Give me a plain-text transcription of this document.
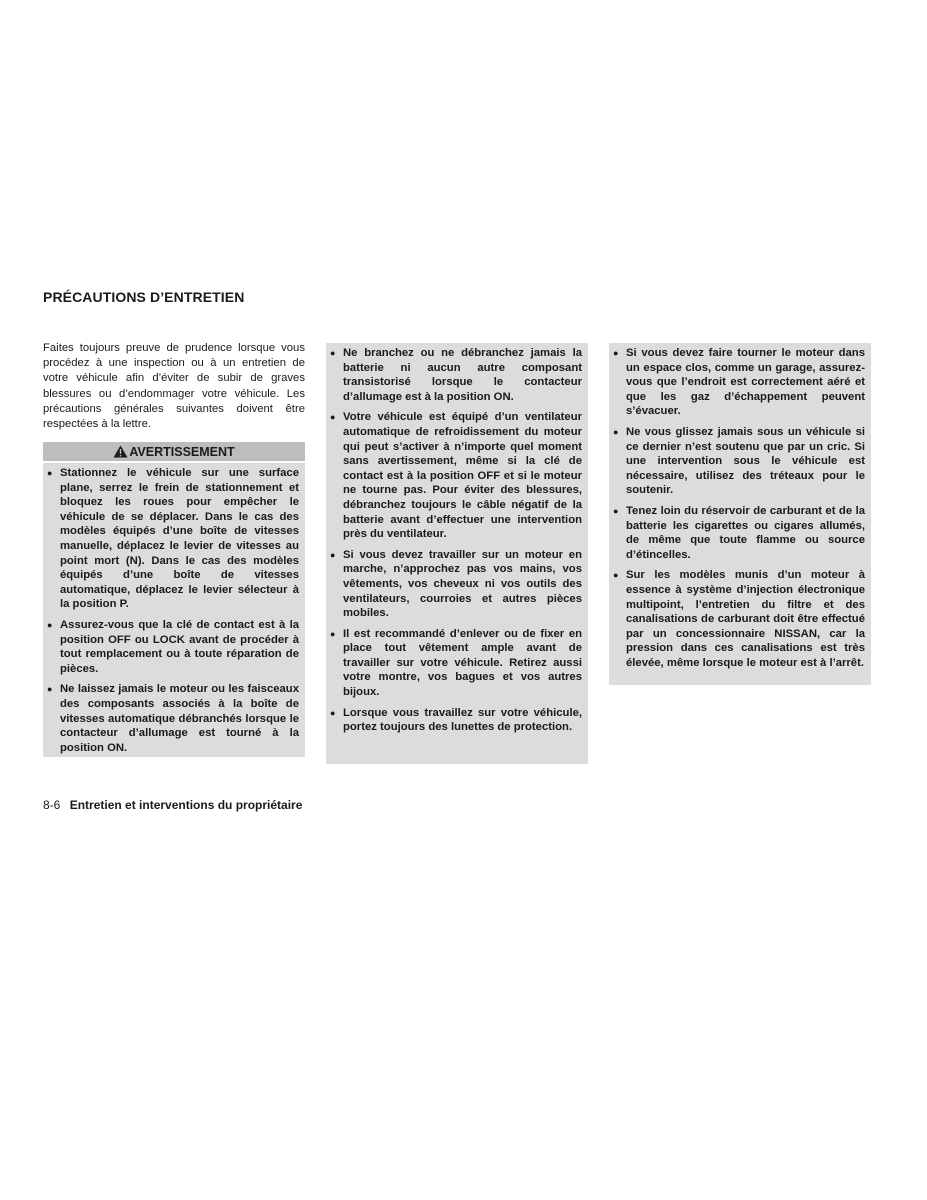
PRÉCAUTIONS D’ENTRETIEN

Faites toujours preuve de prudence lorsque vous procédez à une inspection ou à un entretien de votre véhicule afin d’éviter de subir de graves blessures ou d’endommager votre véhicule. Les précautions générales suivantes doivent être respectées à la lettre.

AVERTISSEMENT
● Stationnez le véhicule sur une surface plane, serrez le frein de stationnement et bloquez les roues pour empêcher le véhicule de se déplacer. Dans le cas des modèles équipés d’une boîte de vitesses manuelle, déplacez le levier de vitesses au point mort (N). Dans le cas des modèles équipés d’une boîte de vitesses automatique, déplacez le levier sélecteur à la position P.
● Assurez-vous que la clé de contact est à la position OFF ou LOCK avant de procéder à tout remplacement ou à toute réparation de pièces.
● Ne laissez jamais le moteur ou les faisceaux des composants associés à la boîte de vitesses automatique débranchés lorsque le contacteur d’allumage est tourné à la position ON.
● Ne branchez ou ne débranchez jamais la batterie ni aucun autre composant transistorisé lorsque le contacteur d’allumage est à la position ON.
● Votre véhicule est équipé d’un ventilateur automatique de refroidissement du moteur qui peut s’activer à n’importe quel moment sans avertissement, même si la clé de contact est à la position OFF et si le moteur ne tourne pas. Pour éviter des blessures, débranchez toujours le câble négatif de la batterie avant d’effectuer une intervention près du ventilateur.
● Si vous devez travailler sur un moteur en marche, n’approchez pas vos mains, vos vêtements, vos cheveux ni vos outils des ventilateurs, courroies et autres pièces mobiles.
● Il est recommandé d’enlever ou de fixer en place tout vêtement ample avant de travailler sur votre véhicule. Retirez aussi votre montre, vos bagues et vos autres bijoux.
● Lorsque vous travaillez sur votre véhicule, portez toujours des lunettes de protection.
● Si vous devez faire tourner le moteur dans un espace clos, comme un garage, assurez-vous que l’endroit est correctement aéré et que les gaz d’échappement peuvent s’évacuer.
● Ne vous glissez jamais sous un véhicule si ce dernier n’est soutenu que par un cric. Si une intervention sous le véhicule est nécessaire, utilisez des tréteaux pour le soutenir.
● Tenez loin du réservoir de carburant et de la batterie les cigarettes ou cigares allumés, de même que toute flamme ou source d’étincelles.
● Sur les modèles munis d’un moteur à essence à système d’injection électronique multipoint, l’entretien du filtre et des canalisations de carburant doit être effectué par un concessionnaire NISSAN, car la pression dans ces canalisations est très élevée, même lorsque le moteur est à l’arrêt.
8-6 Entretien et interventions du propriétaire
